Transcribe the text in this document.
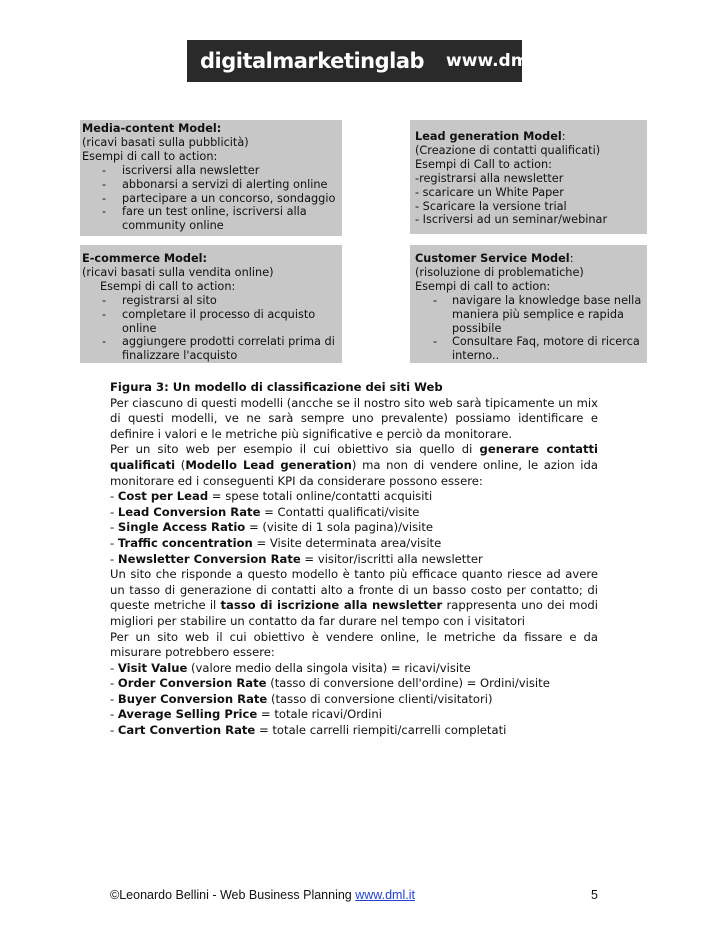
digitalmarketinglab www.dml.it
Media-content Model:
(ricavi basati sulla pubblicità)
Esempi di call to action:
- iscriversi alla newsletter
- abbonarsi a servizi di alerting online
- partecipare a un concorso, sondaggio
- fare un test online, iscriversi alla community online
Lead generation Model:
(Creazione di contatti qualificati)
Esempi di Call to action:
-registrarsi alla newsletter
- scaricare un White Paper
- Scaricare la versione trial
- Iscriversi ad un seminar/webinar
E-commerce Model:
(ricavi basati sulla vendita online)
Esempi di call to action:
- registrarsi al sito
- completare il processo di acquisto online
- aggiungere prodotti correlati prima di finalizzare l'acquisto
Customer Service Model:
(risoluzione di problematiche)
Esempi di call to action:
- navigare la knowledge base nella maniera più semplice e rapida possibile
- Consultare Faq, motore di ricerca interno..

Figura 3: Un modello di classificazione dei siti Web

Per ciascuno di questi modelli (ancche se il nostro sito web sarà tipicamente un mix di questi modelli, ve ne sarà sempre uno prevalente) possiamo identificare e definire i valori e le metriche più significative e perciò da monitorare.

Per un sito web per esempio il cui obiettivo sia quello di generare contatti qualificati (Modello Lead generation) ma non di vendere online, le azion ida monitorare ed i conseguenti KPI da considerare possono essere:

- Cost per Lead = spese totali online/contatti acquisiti
- Lead Conversion Rate = Contatti qualificati/visite
- Single Access Ratio = (visite di 1 sola pagina)/visite
- Traffic concentration = Visite determinata area/visite
- Newsletter Conversion Rate = visitor/iscritti alla newsletter

Un sito che risponde a questo modello è tanto più efficace quanto riesce ad avere un tasso di generazione di contatti alto a fronte di un basso costo per contatto; di queste metriche il tasso di iscrizione alla newsletter rappresenta uno dei modi migliori per stabilire un contatto da far durare nel tempo con i visitatori

Per un sito web il cui obiettivo è vendere online, le metriche da fissare e da misurare potrebbero essere:

- Visit Value (valore medio della singola visita) = ricavi/visite
- Order Conversion Rate (tasso di conversione dell'ordine) = Ordini/visite
- Buyer Conversion Rate (tasso di conversione clienti/visitatori)
- Average Selling Price = totale ricavi/Ordini
- Cart Convertion Rate = totale carrelli riempiti/carrelli completati
©Leonardo Bellini - Web Business Planning www.dml.it	5
